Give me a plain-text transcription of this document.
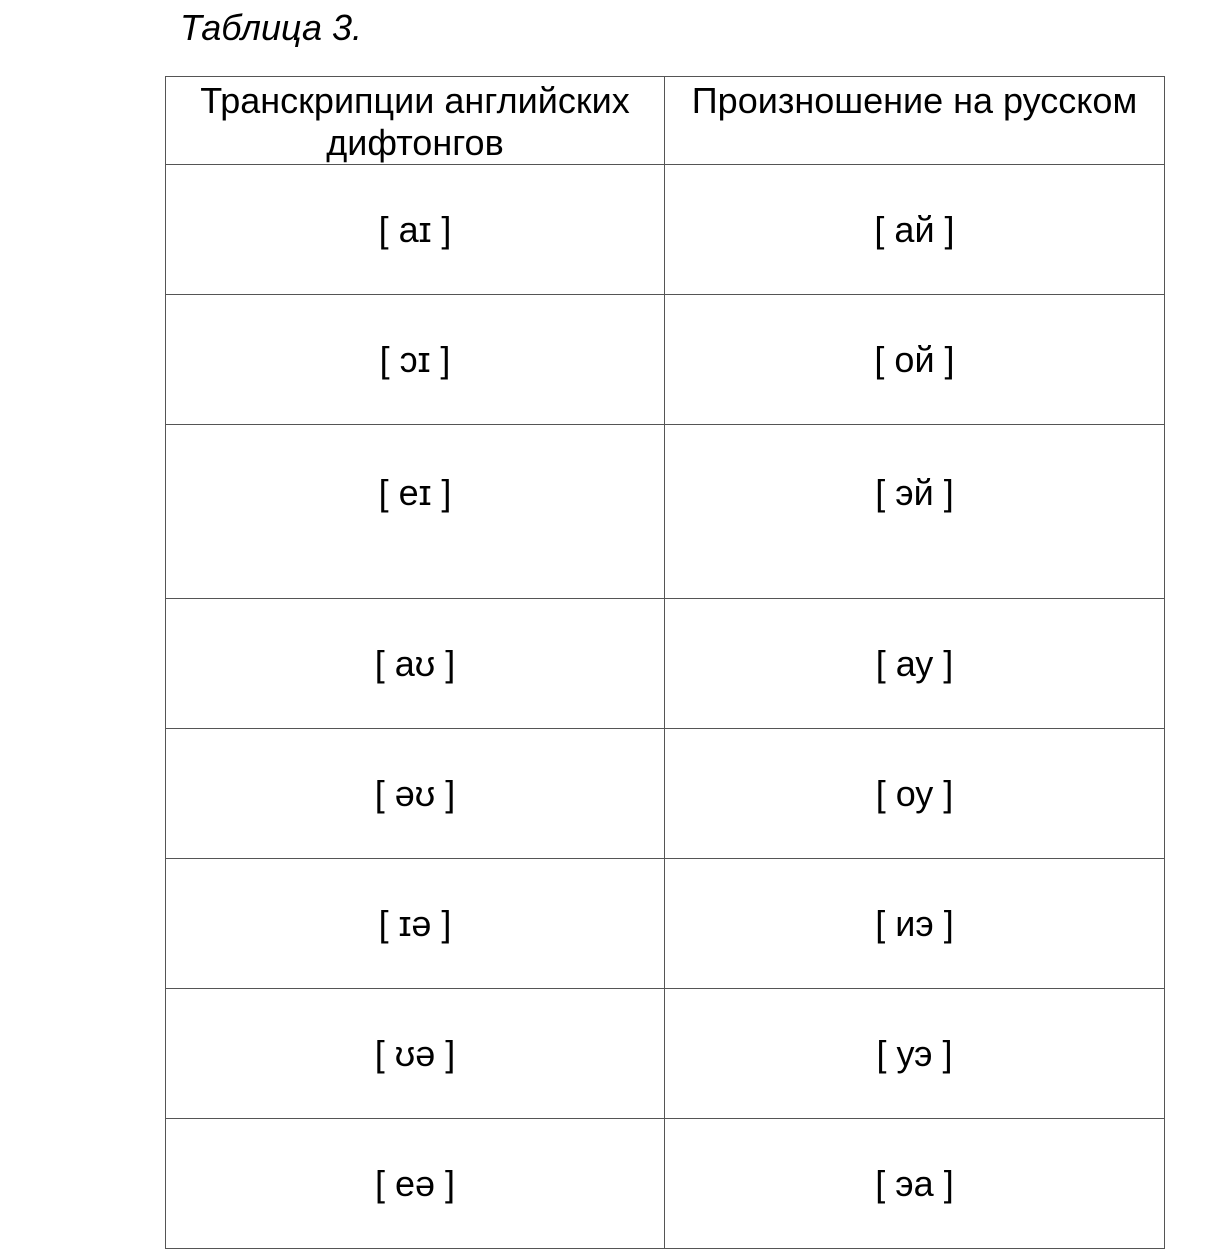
Таблица 3.

Транскрипции английских дифтонгов	Произношение на русском
[ aɪ ]	[ ай ]
[ ɔɪ ]	[ ой ]
[ eɪ ]	[ эй ]
[ aʊ ]	[ ау ]
[ əʊ ]	[ оу ]
[ ɪə ]	[ иэ ]
[ ʊə ]	[ уэ ]
[ eə ]	[ эа ]
